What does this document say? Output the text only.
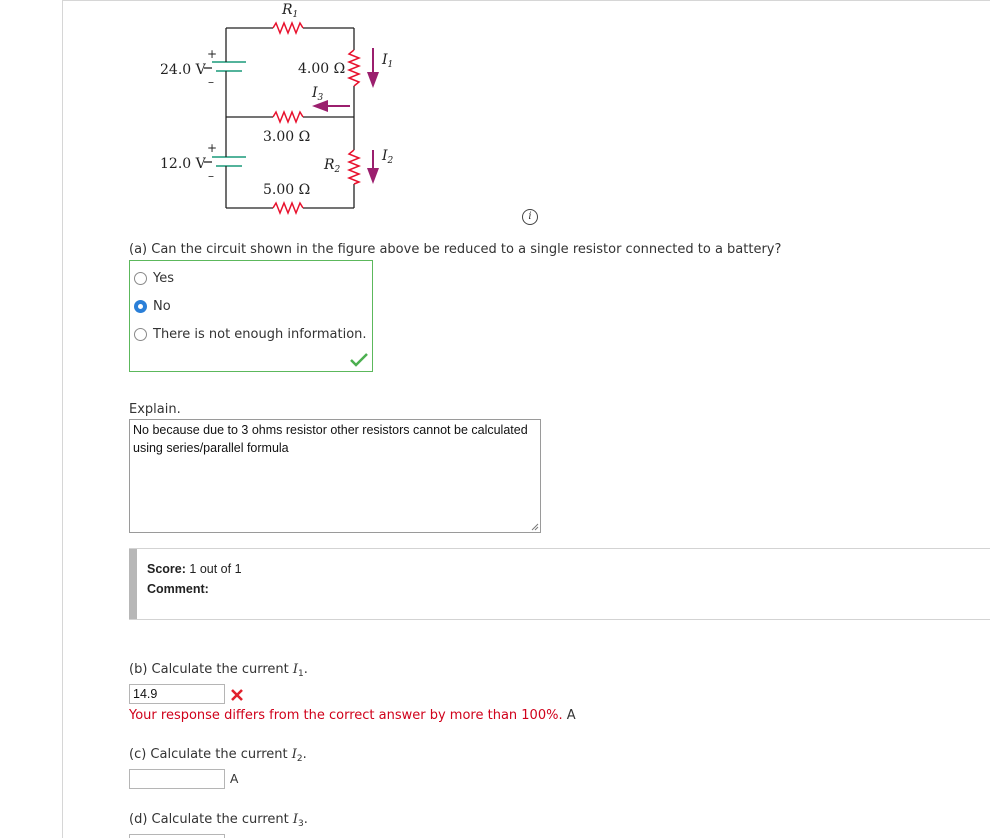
24.0 V
12.0 V
+
–
+
–
$R_1$
4.00 Ω
$I_3$
3.00 Ω
$R_2$
5.00 Ω
$I_1$
$I_2$
i
(a) Can the circuit shown in the figure above be reduced to a single resistor connected to a battery?
Yes
No
There is not enough information.
Explain.
No because due to 3 ohms resistor other resistors cannot be calculated using series/parallel formula
Score: 1 out of 1
Comment:
(b) Calculate the current $I_1$.
14.9
Your response differs from the correct answer by more than 100%. A
(c) Calculate the current $I_2$.
A
(d) Calculate the current $I_3$.
